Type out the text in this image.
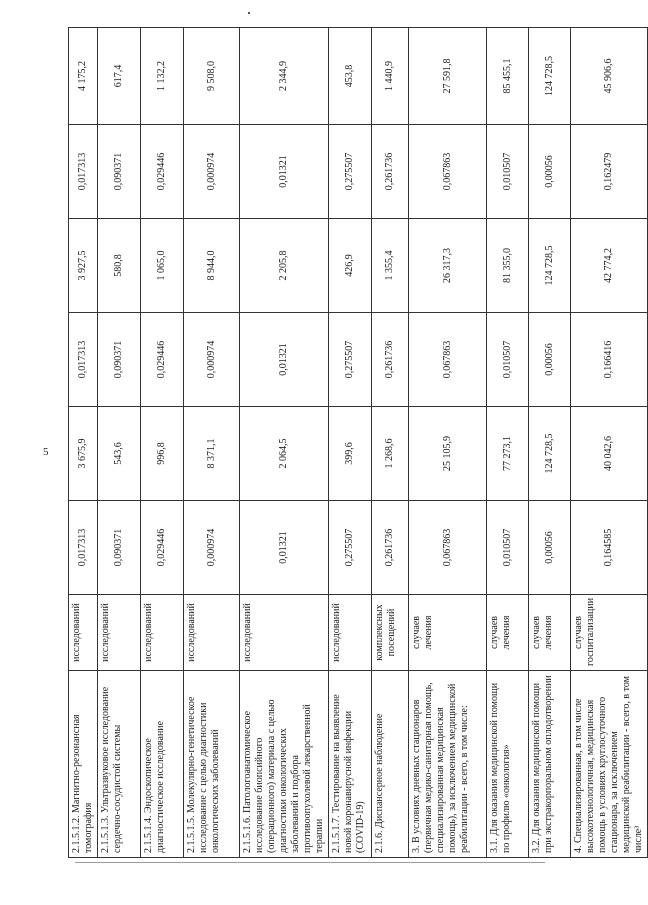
5
2.1.5.1.2. Магнитно-резонансная томография	исследований	0,017313	3 675,9	0,017313	3 927,5	0,017313	4 175,2
2.1.5.1.3. Ультразвуковое исследование сердечно-сосудистой системы	исследований	0,090371	543,6	0,090371	580,8	0,090371	617,4
2.1.5.1.4. Эндоскопическое диагностическое исследование	исследований	0,029446	996,8	0,029446	1 065,0	0,029446	1 132,2
2.1.5.1.5. Молекулярно-генетическое исследование с целью диагностики онкологических заболеваний	исследований	0,000974	8 371,1	0,000974	8 944,0	0,000974	9 508,0
2.1.5.1.6. Патологоанатомическое исследование биопсийного (операционного) материала с целью диагностики онкологических заболеваний и подбора противоопухолевой лекарственной терапии	исследований	0,01321	2 064,5	0,01321	2 205,8	0,01321	2 344,9
2.1.5.1.7. Тестирование на выявление новой коронавирусной инфекции (COVID-19)	исследований	0,275507	399,6	0,275507	426,9	0,275507	453,8
2.1.6. Диспансерное наблюдение	комплексных посещений	0,261736	1 268,6	0,261736	1 355,4	0,261736	1 440,9
3. В условиях дневных стационаров (первичная медико-санитарная помощь, специализированная медицинская помощь), за исключением медицинской реабилитации - всего, в том числе:	случаев лечения	0,067863	25 105,9	0,067863	26 317,3	0,067863	27 591,8
3.1. Для оказания медицинской помощи по профилю «онкология»	случаев лечения	0,010507	77 273,1	0,010507	81 355,0	0,010507	85 455,1
3.2. Для оказания медицинской помощи при экстракорпоральном оплодотворении	случаев лечения	0,00056	124 728,5	0,00056	124 728,5	0,00056	124 728,5
4. Специализированная, в том числе высокотехнологичная, медицинская помощь в условиях круглосуточного стационара, за исключением медицинской реабилитации - всего, в том числе³	случаев госпитализации	0,164585	40 042,6	0,166416	42 774,2	0,162479	45 906,6
